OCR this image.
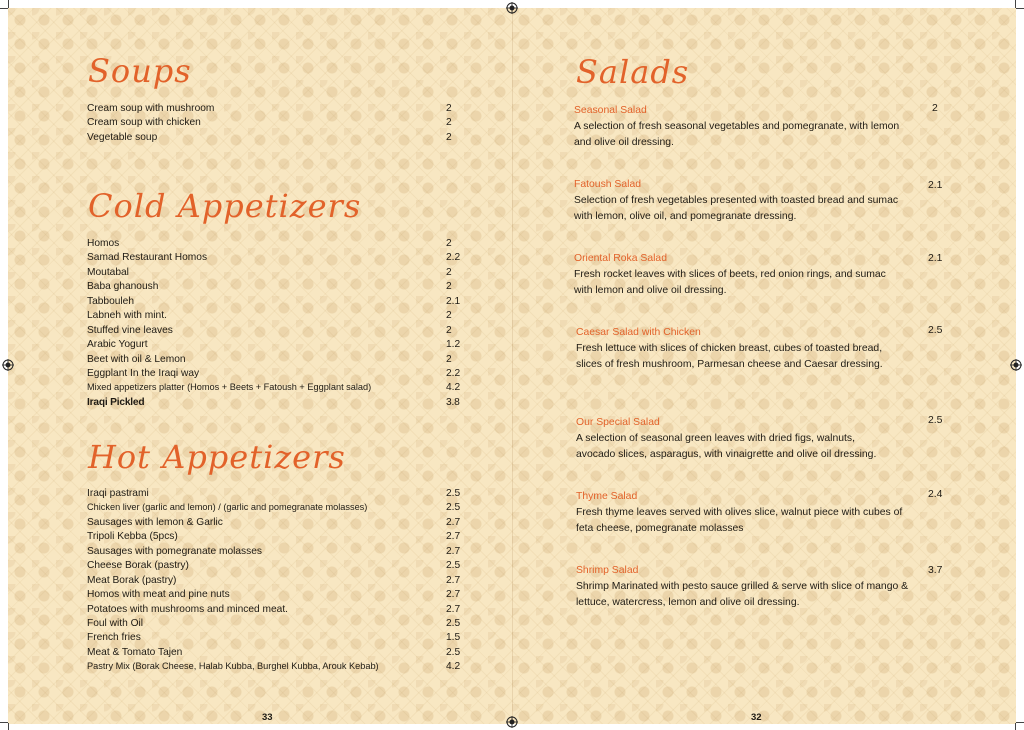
Soups
Cream soup with mushroom	2
Cream soup with chicken	2
Vegetable soup	2
Cold Appetizers
Homos	2
Samad Restaurant Homos	2.2
Moutabal	2
Baba ghanoush	2
Tabbouleh	2.1
Labneh with mint.	2
Stuffed vine leaves	2
Arabic Yogurt	1.2
Beet with oil & Lemon	2
Eggplant In the Iraqi way	2.2
Mixed appetizers platter (Homos + Beets + Fatoush + Eggplant salad)	4.2
Iraqi Pickled	3.8
Hot Appetizers
Iraqi pastrami	2.5
Chicken liver (garlic and lemon) / (garlic and pomegranate molasses)	2.5
Sausages with lemon & Garlic	2.7
Tripoli Kebba (5pcs)	2.7
Sausages with pomegranate molasses	2.7
Cheese Borak (pastry)	2.5
Meat Borak (pastry)	2.7
Homos with meat and pine nuts	2.7
Potatoes with mushrooms and minced meat.	2.7
Foul with Oil	2.5
French fries	1.5
Meat & Tomato Tajen	2.5
Pastry Mix (Borak Cheese, Halab Kubba, Burghel Kubba, Arouk Kebab)	4.2
33
Salads
Seasonal Salad
A selection of fresh seasonal vegetables and pomegranate, with lemon and olive oil dressing.
2
Fatoush Salad
Selection of fresh vegetables presented with toasted bread and sumac with lemon, olive oil, and pomegranate dressing.
2.1
Oriental Roka Salad
Fresh rocket leaves with slices of beets, red onion rings, and sumac with lemon and olive oil dressing.
2.1
Caesar Salad with Chicken
Fresh lettuce with slices of chicken breast, cubes of toasted bread, slices of fresh mushroom, Parmesan cheese and Caesar dressing.
2.5
Our Special Salad
A selection of seasonal green leaves with dried figs, walnuts, avocado slices, asparagus, with vinaigrette and olive oil dressing.
2.5
Thyme Salad
Fresh thyme leaves served with olives slice, walnut piece with cubes of feta cheese, pomegranate molasses
2.4
Shrimp Salad
Shrimp Marinated with pesto sauce grilled & serve with slice of mango & lettuce, watercress, lemon and olive oil dressing.
3.7
32
